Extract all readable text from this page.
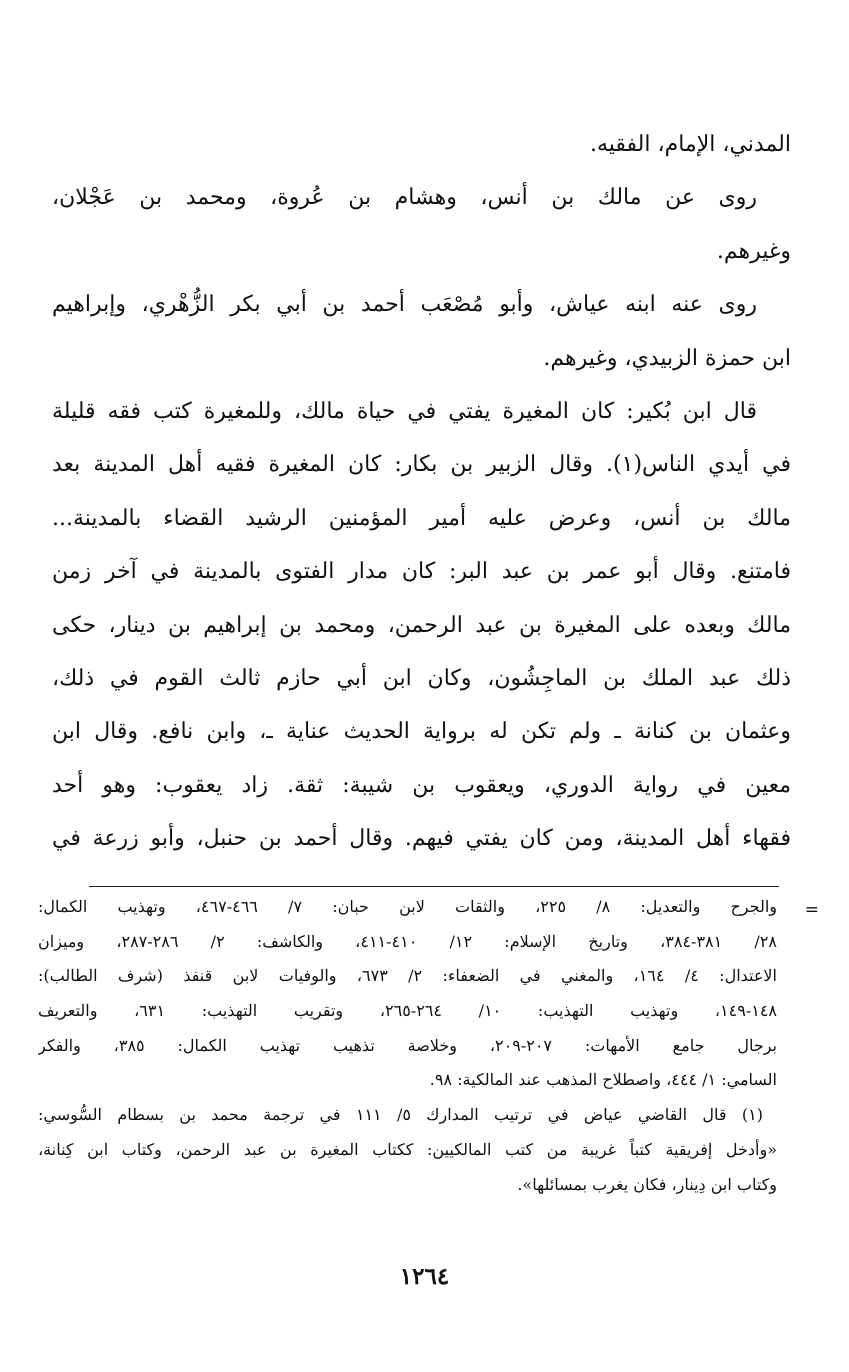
المدني، الإمام، الفقيه.
روى عن مالك بن أنس، وهشام بن عُروة، ومحمد بن عَجْلان،
وغيرهم.
روى عنه ابنه عياش، وأبو مُصْعَب أحمد بن أبي بكر الزُّهْري، وإبراهيم
ابن حمزة الزبيدي، وغيرهم.
قال ابن بُكير: كان المغيرة يفتي في حياة مالك، وللمغيرة كتب فقه قليلة
في أيدي الناس(١). وقال الزبير بن بكار: كان المغيرة فقيه أهل المدينة بعد
مالك بن أنس، وعرض عليه أمير المؤمنين الرشيد القضاء بالمدينة...
فامتنع. وقال أبو عمر بن عبد البر: كان مدار الفتوى بالمدينة في آخر زمن
مالك وبعده على المغيرة بن عبد الرحمن، ومحمد بن إبراهيم بن دينار، حكى
ذلك عبد الملك بن الماجِشُون، وكان ابن أبي حازم ثالث القوم في ذلك،
وعثمان بن كنانة ـ ولم تكن له برواية الحديث عناية ـ، وابن نافع. وقال ابن
معين في رواية الدوري، ويعقوب بن شيبة: ثقة. زاد يعقوب: وهو أحد
فقهاء أهل المدينة، ومن كان يفتي فيهم. وقال أحمد بن حنبل، وأبو زرعة في
=
والجرح والتعديل: ٨/ ٢٢٥، والثقات لابن حبان: ٧/ ٤٦٦-٤٦٧، وتهذيب الكمال:
٢٨/ ٣٨١-٣٨٤، وتاريخ الإسلام: ١٢/ ٤١٠-٤١١، والكاشف: ٢/ ٢٨٦-٢٨٧، وميزان
الاعتدال: ٤/ ١٦٤، والمغني في الضعفاء: ٢/ ٦٧٣، والوفيات لابن قنفذ (شرف الطالب):
١٤٨-١٤٩، وتهذيب التهذيب: ١٠/ ٢٦٤-٢٦٥، وتقريب التهذيب: ٦٣١، والتعريف
برجال جامع الأمهات: ٢٠٧-٢٠٩، وخلاصة تذهيب تهذيب الكمال: ٣٨٥، والفكر
السامي: ١/ ٤٤٤، واصطلاح المذهب عند المالكية: ٩٨.
(١) قال القاضي عياض في ترتيب المدارك ٥/ ١١١ في ترجمة محمد بن بسطام السُّوسي:
«وأدخل إفريقية كتباً غريبة من كتب المالكيين: ككتاب المغيرة بن عبد الرحمن، وكتاب ابن كِنانة،
وكتاب ابن دِينار، فكان يغرب بمسائلها».
١٢٦٤
